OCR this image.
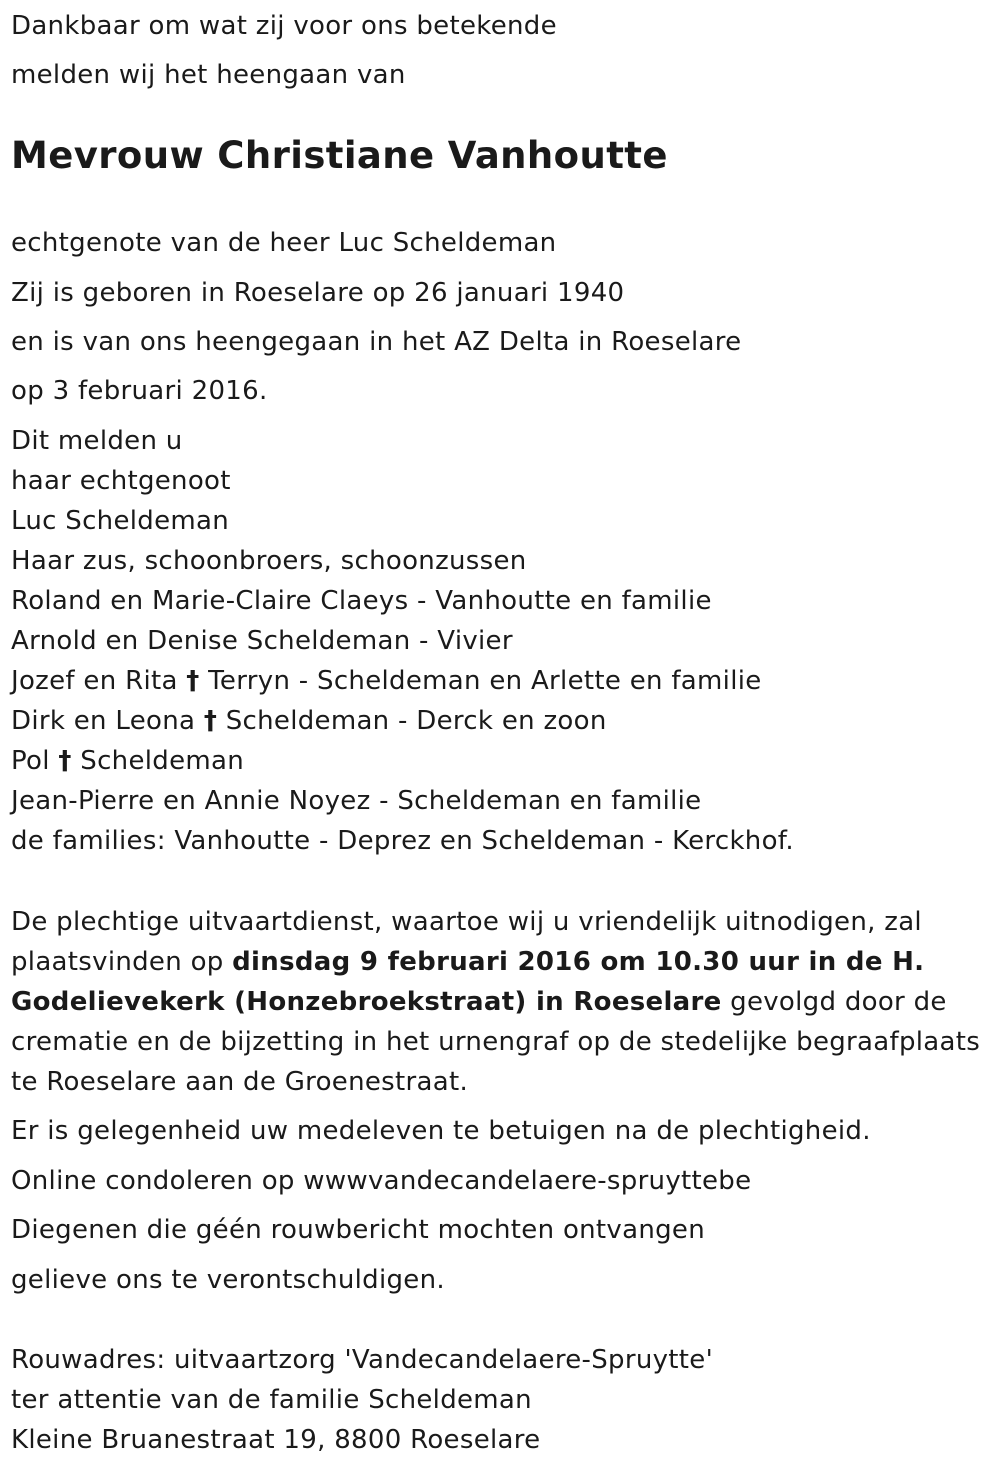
Dankbaar om wat zij voor ons betekende
melden wij het heengaan van
Mevrouw Christiane Vanhoutte
echtgenote van de heer Luc Scheldeman
Zij is geboren in Roeselare op 26 januari 1940
en is van ons heengegaan in het AZ Delta in Roeselare
op 3 februari 2016.
Dit melden u
haar echtgenoot
Luc Scheldeman
Haar zus, schoonbroers, schoonzussen
Roland en Marie-Claire Claeys - Vanhoutte en familie
Arnold en Denise Scheldeman - Vivier
Jozef en Rita † Terryn - Scheldeman en Arlette en familie
Dirk en Leona † Scheldeman - Derck en zoon
Pol † Scheldeman
Jean-Pierre en Annie Noyez - Scheldeman en familie
de families: Vanhoutte - Deprez en Scheldeman - Kerckhof.
De plechtige uitvaartdienst, waartoe wij u vriendelijk uitnodigen, zal
plaatsvinden op dinsdag 9 februari 2016 om 10.30 uur in de H.
Godelievekerk (Honzebroekstraat) in Roeselare gevolgd door de
crematie en de bijzetting in het urnengraf op de stedelijke begraafplaats
te Roeselare aan de Groenestraat.
Er is gelegenheid uw medeleven te betuigen na de plechtigheid.
Online condoleren op wwwvandecandelaere-spruyttebe
Diegenen die géén rouwbericht mochten ontvangen
gelieve ons te verontschuldigen.
Rouwadres: uitvaartzorg 'Vandecandelaere-Spruytte'
ter attentie van de familie Scheldeman
Kleine Bruanestraat 19, 8800 Roeselare
